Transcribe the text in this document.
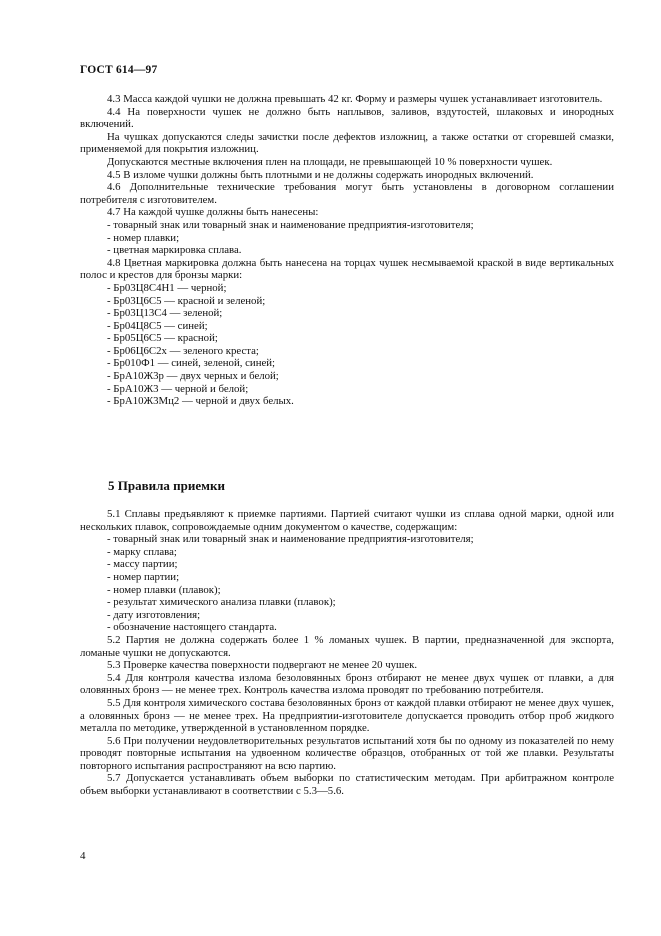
ГОСТ 614—97

4.3 Масса каждой чушки не должна превышать 42 кг. Форму и размеры чушек устанавливает изготовитель.

4.4 На поверхности чушек не должно быть наплывов, заливов, вздутостей, шлаковых и инородных включений.

На чушках допускаются следы зачистки после дефектов изложниц, а также остатки от сгоревшей смазки, применяемой для покрытия изложниц.

Допускаются местные включения плен на площади, не превышающей 10 % поверхности чушек.

4.5 В изломе чушки должны быть плотными и не должны содержать инородных включений.

4.6 Дополнительные технические требования могут быть установлены в договорном соглашении потребителя с изготовителем.

4.7 На каждой чушке должны быть нанесены:

- товарный знак или товарный знак и наименование предприятия-изготовителя;

- номер плавки;

- цветная маркировка сплава.

4.8 Цветная маркировка должна быть нанесена на торцах чушек несмываемой краской в виде вертикальных полос и крестов для бронзы марки:

- Бр03Ц8С4Н1 — черной;

- Бр03Ц6С5 — красной и зеленой;

- Бр03Ц13С4 — зеленой;

- Бр04Ц8С5 — синей;

- Бр05Ц6С5 — красной;

- Бр06Ц6С2х — зеленого креста;

- Бр010Ф1 — синей, зеленой, синей;

- БрА10Ж3р — двух черных и белой;

- БрА10Ж3 — черной и белой;

- БрА10Ж3Мц2 — черной и двух белых.

5 Правила приемки

5.1 Сплавы предъявляют к приемке партиями. Партией считают чушки из сплава одной марки, одной или нескольких плавок, сопровождаемые одним документом о качестве, содержащим:

- товарный знак или товарный знак и наименование предприятия-изготовителя;

- марку сплава;

- массу партии;

- номер партии;

- номер плавки (плавок);

- результат химического анализа плавки (плавок);

- дату изготовления;

- обозначение настоящего стандарта.

5.2 Партия не должна содержать более 1 % ломаных чушек. В партии, предназначенной для экспорта, ломаные чушки не допускаются.

5.3 Проверке качества поверхности подвергают не менее 20 чушек.

5.4 Для контроля качества излома безоловянных бронз отбирают не менее двух чушек от плавки, а для оловянных бронз — не менее трех. Контроль качества излома проводят по требованию потребителя.

5.5 Для контроля химического состава безоловянных бронз от каждой плавки отбирают не менее двух чушек, а оловянных бронз — не менее трех. На предприятии-изготовителе допускается проводить отбор проб жидкого металла по методике, утвержденной в установленном порядке.

5.6 При получении неудовлетворительных результатов испытаний хотя бы по одному из показателей по нему проводят повторные испытания на удвоенном количестве образцов, отобранных от той же плавки. Результаты повторного испытания распространяют на всю партию.

5.7 Допускается устанавливать объем выборки по статистическим методам. При арбитражном контроле объем выборки устанавливают в соответствии с 5.3—5.6.

4
